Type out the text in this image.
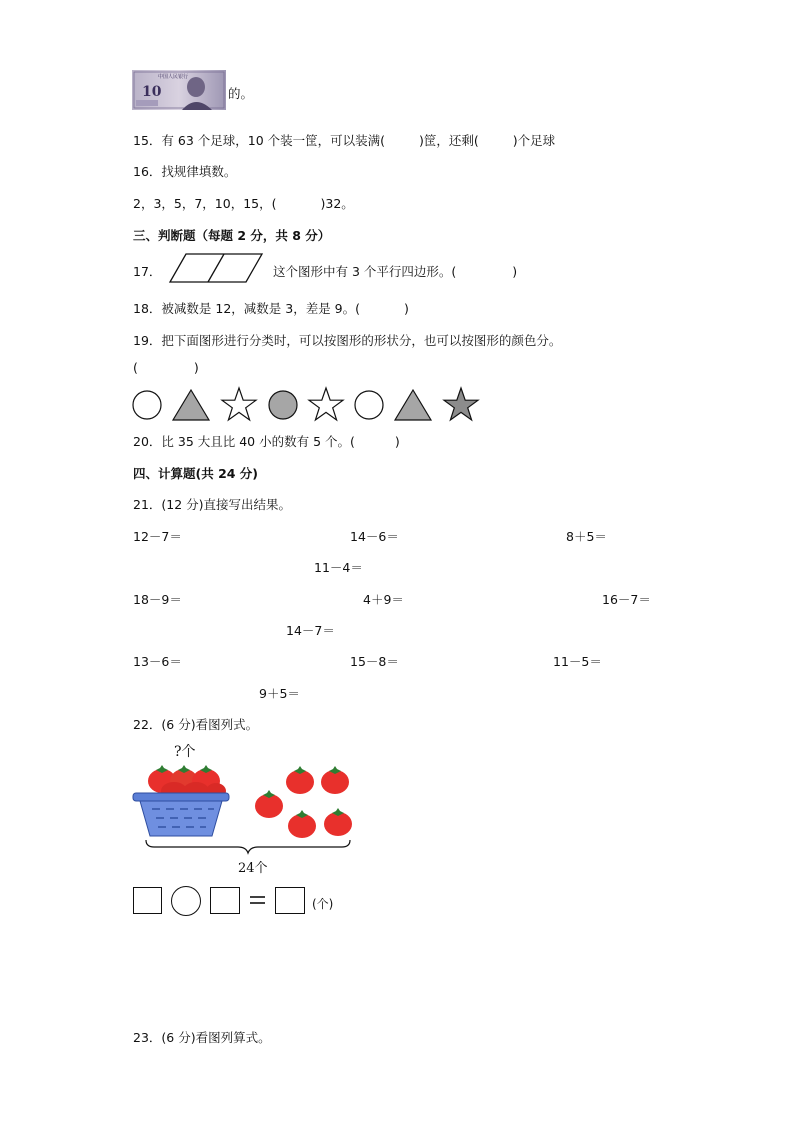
10
中国人民银行
的。
15．有 63 个足球，10 个装一筐，可以装满(	)筐，还剩(	)个足球
16．找规律填数。
2，3，5，7，10，15，(	)32。
三、判断题（每题 2 分，共 8 分）
17．	这个图形中有 3 个平行四边形。(	)
18．被减数是 12，减数是 3，差是 9。(	)
19．把下面图形进行分类时，可以按图形的形状分，也可以按图形的颜色分。
(	)
20．比 35 大且比 40 小的数有 5 个。(	)
四、计算题(共 24 分)
21．(12 分)直接写出结果。
12－7＝	14－6＝	8＋5＝
11－4＝
18－9＝	4＋9＝	16－7＝
14－7＝
13－6＝	15－8＝	11－5＝
9＋5＝
22．(6 分)看图列式。
?个
24个
(个)
23．(6 分)看图列算式。
